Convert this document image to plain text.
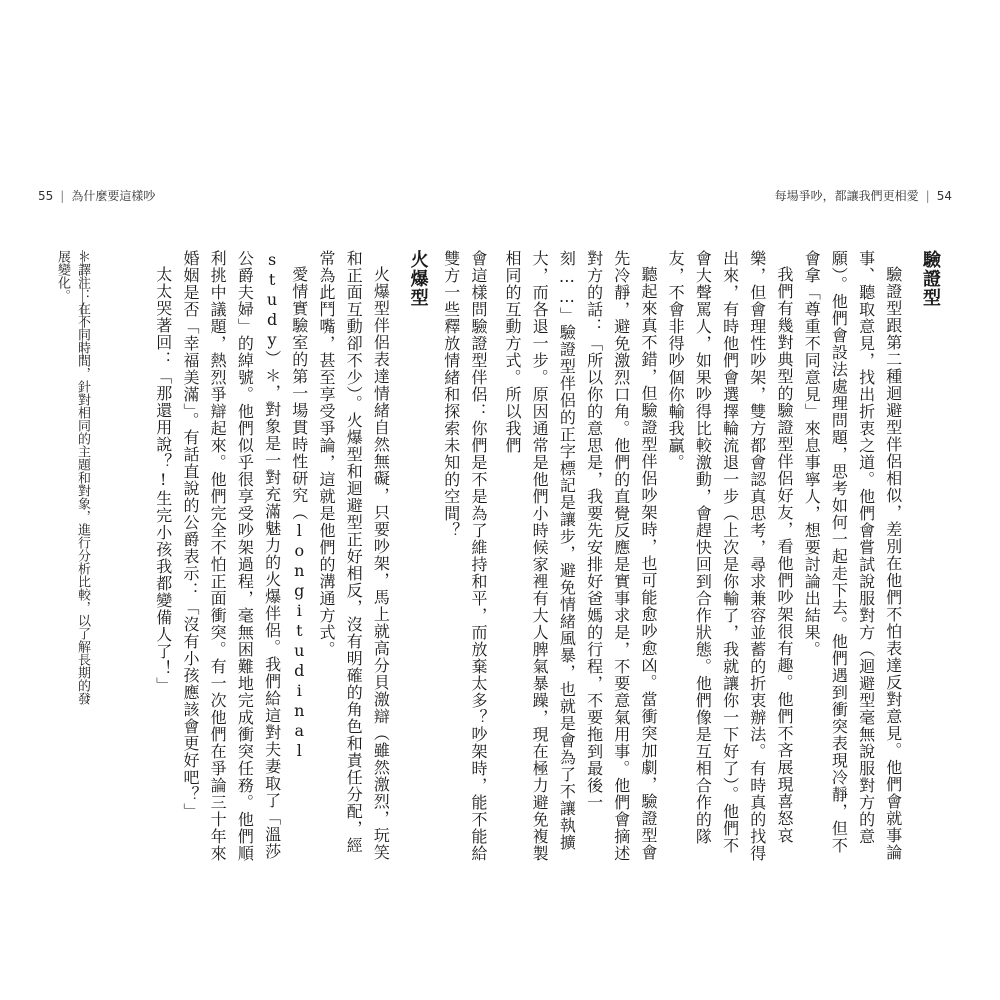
55 | 為什麼要這樣吵	每場爭吵，都讓我們更相愛 | 54
驗證型

驗證型跟第二種迴避型伴侶相似，差別在他們不怕表達反對意見。他們會就事論事、聽取意見，找出折衷之道。他們會嘗試說服對方（迴避型毫無說服對方的意願）。他們會設法處理問題，思考如何一起走下去。他們遇到衝突表現冷靜，但不會拿「尊重不同意見」來息事寧人，想要討論出結果。

我們有幾對典型的驗證型伴侶好友，看他們吵架很有趣。他們不吝展現喜怒哀樂，但會理性吵架，雙方都會認真思考，尋求兼容並蓄的折衷辦法。有時真的找得出來，有時他們會選擇輪流退一步（上次是你輸了，我就讓你一下好了）。他們不會大聲罵人，如果吵得比較激動，會趕快回到合作狀態。他們像是互相合作的隊友，不會非得吵個你輸我贏。

聽起來真不錯，但驗證型伴侶吵架時，也可能愈吵愈凶。當衝突加劇，驗證型會先冷靜，避免激烈口角。他們的直覺反應是實事求是，不要意氣用事。他們會摘述對方的話：「所以你的意思是，我要先安排好爸媽的行程，不要拖到最後一刻……」驗證型伴侶的正字標記是讓步，避免情緒風暴，也就是會為了不讓執擴大，而各退一步。原因通常是他們小時候家裡有大人脾氣暴躁，現在極力避免複製相同的互動方式。所以我們

會這樣問驗證型伴侶：你們是不是為了維持和平，而放棄太多？吵架時，能不能給雙方一些釋放情緒和探索未知的空間？

火爆型

火爆型伴侶表達情緒自然無礙，只要吵架，馬上就高分貝激辯（雖然激烈，玩笑和正面互動卻不少）。火爆型和迴避型正好相反，沒有明確的角色和責任分配，經常為此鬥嘴，甚至享受爭論，這就是他們的溝通方式。

愛情實驗室的第一場貫時性研究（longitudinal study）＊，對象是一對充滿魅力的火爆伴侶。我們給這對夫妻取了「溫莎公爵夫婦」的綽號。他們似乎很享受吵架過程，毫無困難地完成衝突任務。他們順利挑中議題，熱烈爭辯起來。他們完全不怕正面衝突。有一次他們在爭論三十年來婚姻是否「幸福美滿」。有話直說的公爵表示：「沒有小孩應該會更好吧？」

太太哭著回：「那還用說？!生完小孩我都變備人了！」

＊譯注：在不同時間，針對相同的主題和對象，進行分析比較，以了解長期的發展變化。
